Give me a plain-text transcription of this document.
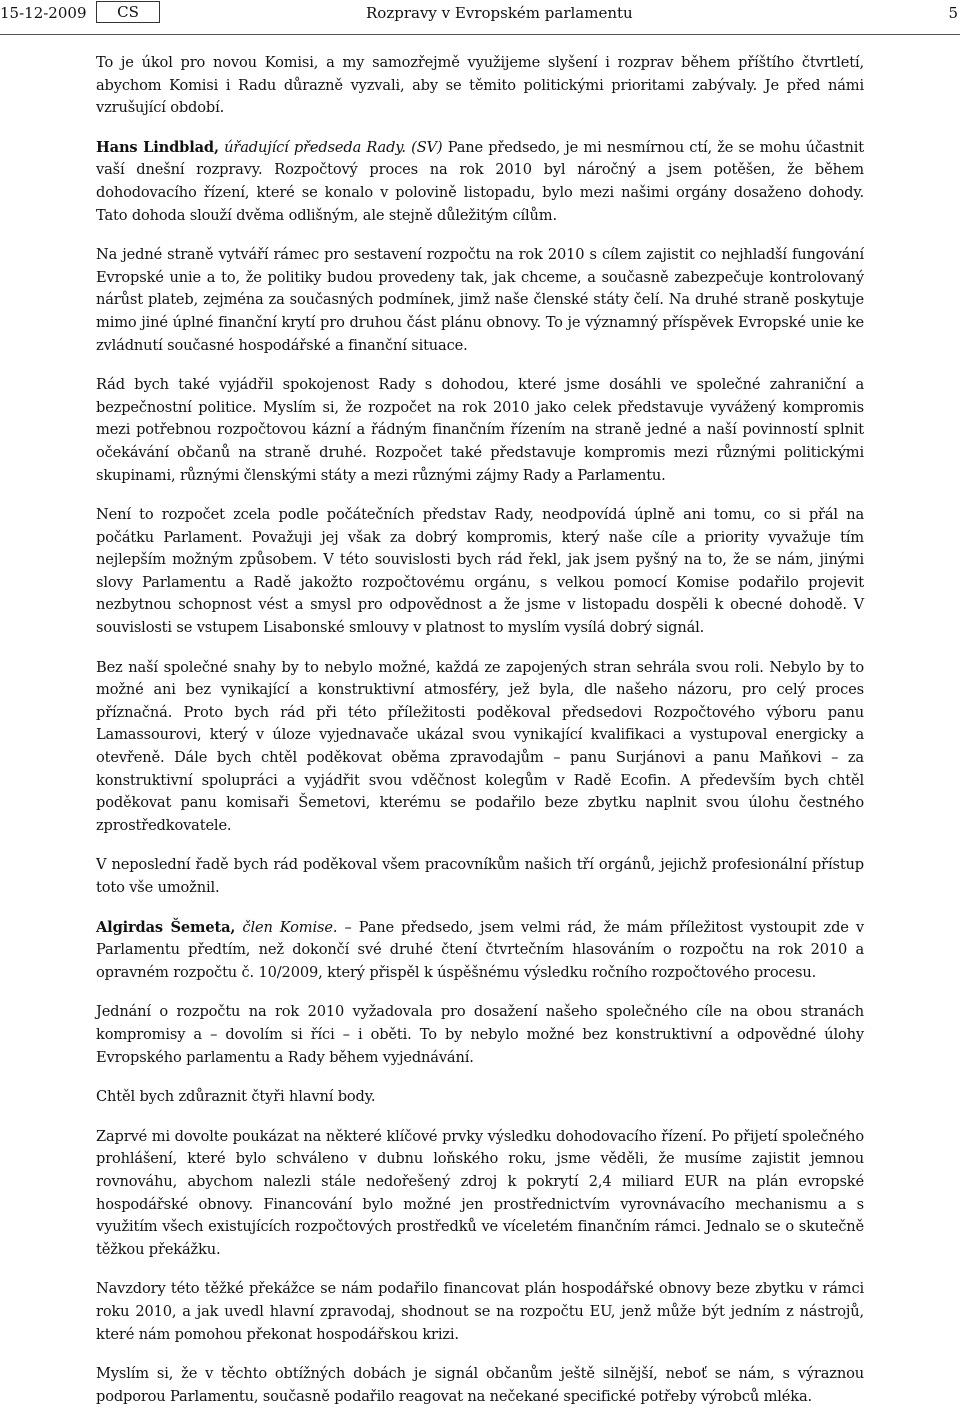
15-12-2009	CS	Rozpravy v Evropském parlamentu	5

To je úkol pro novou Komisi, a my samozřejmě využijeme slyšení i rozprav během příštího čtvrtletí, abychom Komisi i Radu důrazně vyzvali, aby se těmito politickými prioritami zabývaly. Je před námi vzrušující období.

Hans Lindblad, úřadující předseda Rady. (SV) Pane předsedo, je mi nesmírnou ctí, že se mohu účastnit vaší dnešní rozpravy. Rozpočtový proces na rok 2010 byl náročný a jsem potěšen, že během dohodovacího řízení, které se konalo v polovině listopadu, bylo mezi našimi orgány dosaženo dohody. Tato dohoda slouží dvěma odlišným, ale stejně důležitým cílům.

Na jedné straně vytváří rámec pro sestavení rozpočtu na rok 2010 s cílem zajistit co nejhladší fungování Evropské unie a to, že politiky budou provedeny tak, jak chceme, a současně zabezpečuje kontrolovaný nárůst plateb, zejména za současných podmínek, jimž naše členské státy čelí. Na druhé straně poskytuje mimo jiné úplné finanční krytí pro druhou část plánu obnovy. To je významný příspěvek Evropské unie ke zvládnutí současné hospodářské a finanční situace.

Rád bych také vyjádřil spokojenost Rady s dohodou, které jsme dosáhli ve společné zahraniční a bezpečnostní politice. Myslím si, že rozpočet na rok 2010 jako celek představuje vyvážený kompromis mezi potřebnou rozpočtovou kázní a řádným finančním řízením na straně jedné a naší povinností splnit očekávání občanů na straně druhé. Rozpočet také představuje kompromis mezi různými politickými skupinami, různými členskými státy a mezi různými zájmy Rady a Parlamentu.

Není to rozpočet zcela podle počátečních představ Rady, neodpovídá úplně ani tomu, co si přál na počátku Parlament. Považuji jej však za dobrý kompromis, který naše cíle a priority vyvažuje tím nejlepším možným způsobem. V této souvislosti bych rád řekl, jak jsem pyšný na to, že se nám, jinými slovy Parlamentu a Radě jakožto rozpočtovému orgánu, s velkou pomocí Komise podařilo projevit nezbytnou schopnost vést a smysl pro odpovědnost a že jsme v listopadu dospěli k obecné dohodě. V souvislosti se vstupem Lisabonské smlouvy v platnost to myslím vysílá dobrý signál.

Bez naší společné snahy by to nebylo možné, každá ze zapojených stran sehrála svou roli. Nebylo by to možné ani bez vynikající a konstruktivní atmosféry, jež byla, dle našeho názoru, pro celý proces příznačná. Proto bych rád při této příležitosti poděkoval předsedovi Rozpočtového výboru panu Lamassourovi, který v úloze vyjednavače ukázal svou vynikající kvalifikaci a vystupoval energicky a otevřeně. Dále bych chtěl poděkovat oběma zpravodajům – panu Surjánovi a panu Maňkovi – za konstruktivní spolupráci a vyjádřit svou vděčnost kolegům v Radě Ecofin. A především bych chtěl poděkovat panu komisaři Šemetovi, kterému se podařilo beze zbytku naplnit svou úlohu čestného zprostředkovatele.

V neposlední řadě bych rád poděkoval všem pracovníkům našich tří orgánů, jejichž profesionální přístup toto vše umožnil.

Algirdas Šemeta, člen Komise. – Pane předsedo, jsem velmi rád, že mám příležitost vystoupit zde v Parlamentu předtím, než dokončí své druhé čtení čtvrtečním hlasováním o rozpočtu na rok 2010 a opravném rozpočtu č. 10/2009, který přispěl k úspěšnému výsledku ročního rozpočtového procesu.

Jednání o rozpočtu na rok 2010 vyžadovala pro dosažení našeho společného cíle na obou stranách kompromisy a – dovolím si říci – i oběti. To by nebylo možné bez konstruktivní a odpovědné úlohy Evropského parlamentu a Rady během vyjednávání.

Chtěl bych zdůraznit čtyři hlavní body.

Zaprvé mi dovolte poukázat na některé klíčové prvky výsledku dohodovacího řízení. Po přijetí společného prohlášení, které bylo schváleno v dubnu loňského roku, jsme věděli, že musíme zajistit jemnou rovnováhu, abychom nalezli stále nedořešený zdroj k pokrytí 2,4 miliard EUR na plán evropské hospodářské obnovy. Financování bylo možné jen prostřednictvím vyrovnávacího mechanismu a s využitím všech existujících rozpočtových prostředků ve víceletém finančním rámci. Jednalo se o skutečně těžkou překážku.

Navzdory této těžké překážce se nám podařilo financovat plán hospodářské obnovy beze zbytku v rámci roku 2010, a jak uvedl hlavní zpravodaj, shodnout se na rozpočtu EU, jenž může být jedním z nástrojů, které nám pomohou překonat hospodářskou krizi.

Myslím si, že v těchto obtížných dobách je signál občanům ještě silnější, neboť se nám, s výraznou podporou Parlamentu, současně podařilo reagovat na nečekané specifické potřeby výrobců mléka.
